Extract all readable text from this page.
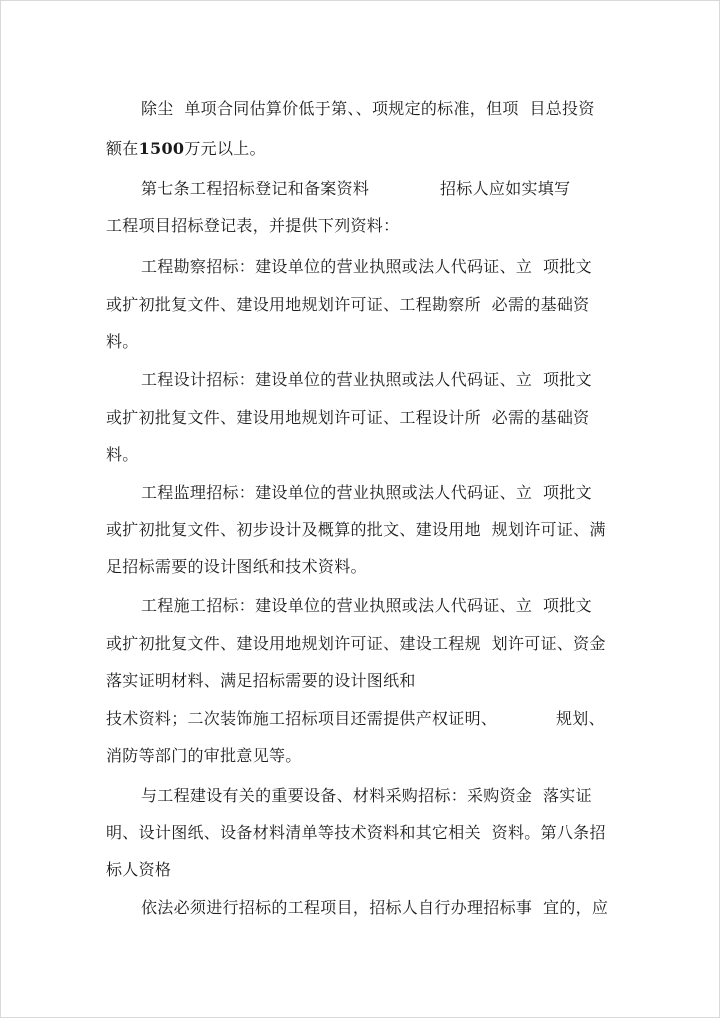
除尘  单项合同估算价低于第、、项规定的标准，但项  目总投资
额在1500万元以上。
第七条工程招标登记和备案资料	招标人应如实填写
工程项目招标登记表，并提供下列资料：
工程勘察招标：建设单位的营业执照或法人代码证、立  项批文
或扩初批复文件、建设用地规划许可证、工程勘察所  必需的基础资
料。
工程设计招标：建设单位的营业执照或法人代码证、立  项批文
或扩初批复文件、建设用地规划许可证、工程设计所  必需的基础资
料。
工程监理招标：建设单位的营业执照或法人代码证、立  项批文
或扩初批复文件、初步设计及概算的批文、建设用地  规划许可证、满
足招标需要的设计图纸和技术资料。
工程施工招标：建设单位的营业执照或法人代码证、立  项批文
或扩初批复文件、建设用地规划许可证、建设工程规  划许可证、资金
落实证明材料、满足招标需要的设计图纸和
技术资料；二次装饰施工招标项目还需提供产权证明、	规划、
消防等部门的审批意见等。
与工程建设有关的重要设备、材料采购招标：采购资金  落实证
明、设计图纸、设备材料清单等技术资料和其它相关  资料。第八条招
标人资格
依法必须进行招标的工程项目，招标人自行办理招标事  宜的，应
